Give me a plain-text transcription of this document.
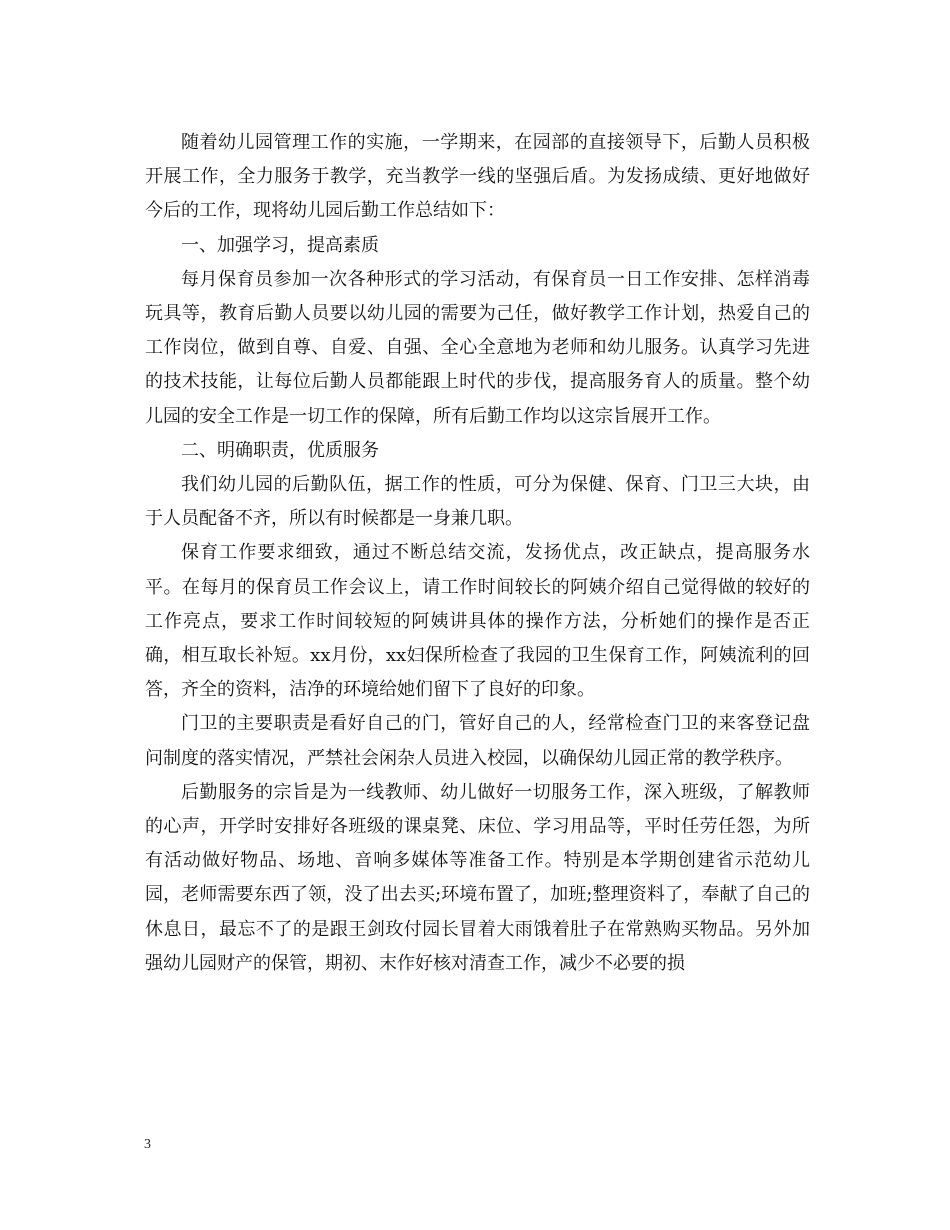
随着幼儿园管理工作的实施，一学期来，在园部的直接领导下，后勤人员积极开展工作，全力服务于教学，充当教学一线的坚强后盾。为发扬成绩、更好地做好今后的工作，现将幼儿园后勤工作总结如下：

一、加强学习，提高素质

每月保育员参加一次各种形式的学习活动，有保育员一日工作安排、怎样消毒玩具等，教育后勤人员要以幼儿园的需要为己任，做好教学工作计划，热爱自己的工作岗位，做到自尊、自爱、自强、全心全意地为老师和幼儿服务。认真学习先进的技术技能，让每位后勤人员都能跟上时代的步伐，提高服务育人的质量。整个幼儿园的安全工作是一切工作的保障，所有后勤工作均以这宗旨展开工作。

二、明确职责，优质服务

我们幼儿园的后勤队伍，据工作的性质，可分为保健、保育、门卫三大块，由于人员配备不齐，所以有时候都是一身兼几职。

保育工作要求细致，通过不断总结交流，发扬优点，改正缺点，提高服务水平。在每月的保育员工作会议上，请工作时间较长的阿姨介绍自己觉得做的较好的工作亮点，要求工作时间较短的阿姨讲具体的操作方法，分析她们的操作是否正确，相互取长补短。xx月份，xx妇保所检查了我园的卫生保育工作，阿姨流利的回答，齐全的资料，洁净的环境给她们留下了良好的印象。

门卫的主要职责是看好自己的门，管好自己的人，经常检查门卫的来客登记盘问制度的落实情况，严禁社会闲杂人员进入校园，以确保幼儿园正常的教学秩序。

后勤服务的宗旨是为一线教师、幼儿做好一切服务工作，深入班级，了解教师的心声，开学时安排好各班级的课桌凳、床位、学习用品等，平时任劳任怨，为所有活动做好物品、场地、音响多媒体等准备工作。特别是本学期创建省示范幼儿园，老师需要东西了领，没了出去买;环境布置了，加班;整理资料了，奉献了自己的休息日，最忘不了的是跟王剑玫付园长冒着大雨饿着肚子在常熟购买物品。另外加强幼儿园财产的保管，期初、末作好核对清查工作，减少不必要的损

3
